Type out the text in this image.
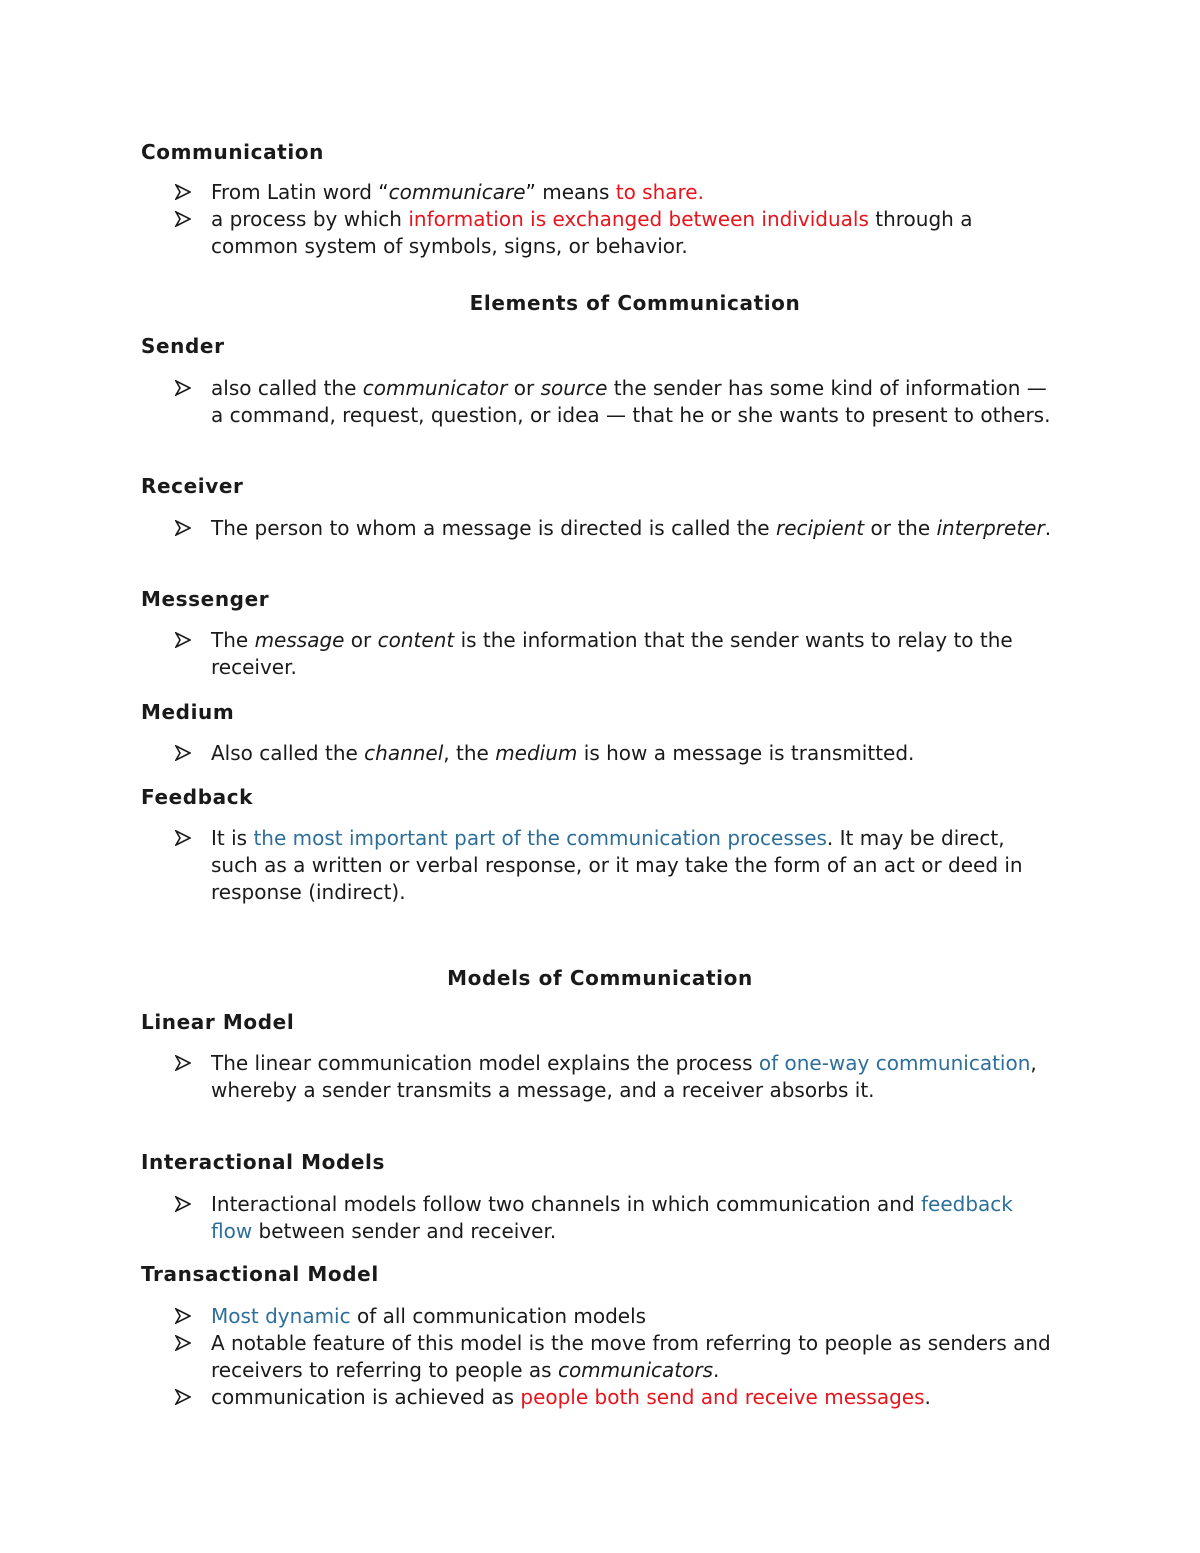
Communication
From Latin word “communicare” means to share.
a process by which information is exchanged between individuals through a common system of symbols, signs, or behavior.
Elements of Communication
Sender
also called the communicator or source the sender has some kind of information — a command, request, question, or idea — that he or she wants to present to others.
Receiver
The person to whom a message is directed is called the recipient or the interpreter.
Messenger
The message or content is the information that the sender wants to relay to the receiver.
Medium
Also called the channel, the medium is how a message is transmitted.
Feedback
It is the most important part of the communication processes. It may be direct, such as a written or verbal response, or it may take the form of an act or deed in response (indirect).
Models of Communication
Linear Model
The linear communication model explains the process of one-way communication, whereby a sender transmits a message, and a receiver absorbs it.
Interactional Models
Interactional models follow two channels in which communication and feedback flow between sender and receiver.
Transactional Model
Most dynamic of all communication models
A notable feature of this model is the move from referring to people as senders and receivers to referring to people as communicators.
communication is achieved as people both send and receive messages.
